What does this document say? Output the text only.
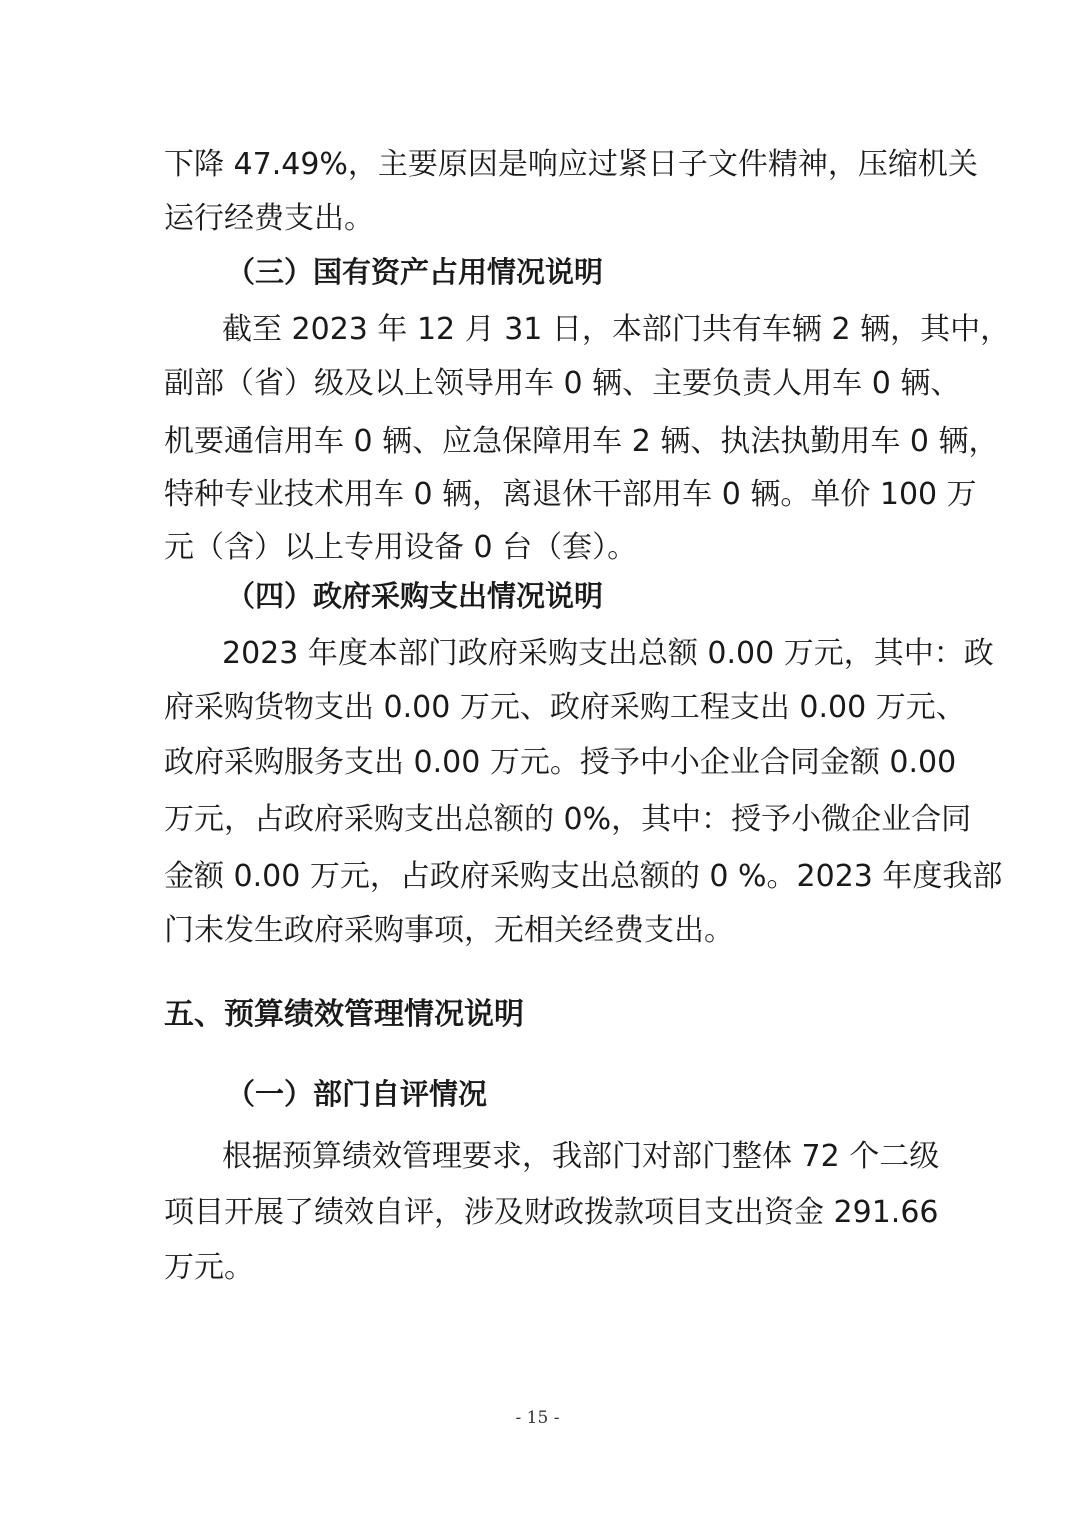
下降 47.49%，主要原因是响应过紧日子文件精神，压缩机关
运行经费支出。
（三）国有资产占用情况说明
截至 2023 年 12 月 31 日，本部门共有车辆 2 辆，其中，
副部（省）级及以上领导用车 0 辆、主要负责人用车 0 辆、
机要通信用车 0 辆、应急保障用车 2 辆、执法执勤用车 0 辆，
特种专业技术用车 0 辆，离退休干部用车 0 辆。单价 100 万
元（含）以上专用设备 0 台（套）。
（四）政府采购支出情况说明
2023 年度本部门政府采购支出总额 0.00 万元，其中：政
府采购货物支出 0.00 万元、政府采购工程支出 0.00 万元、
政府采购服务支出 0.00 万元。授予中小企业合同金额 0.00
万元，占政府采购支出总额的 0%，其中：授予小微企业合同
金额 0.00 万元，占政府采购支出总额的 0 %。2023 年度我部
门未发生政府采购事项，无相关经费支出。
五、预算绩效管理情况说明
（一）部门自评情况
根据预算绩效管理要求，我部门对部门整体 72 个二级
项目开展了绩效自评，涉及财政拨款项目支出资金 291.66
万元。
- 15 -
